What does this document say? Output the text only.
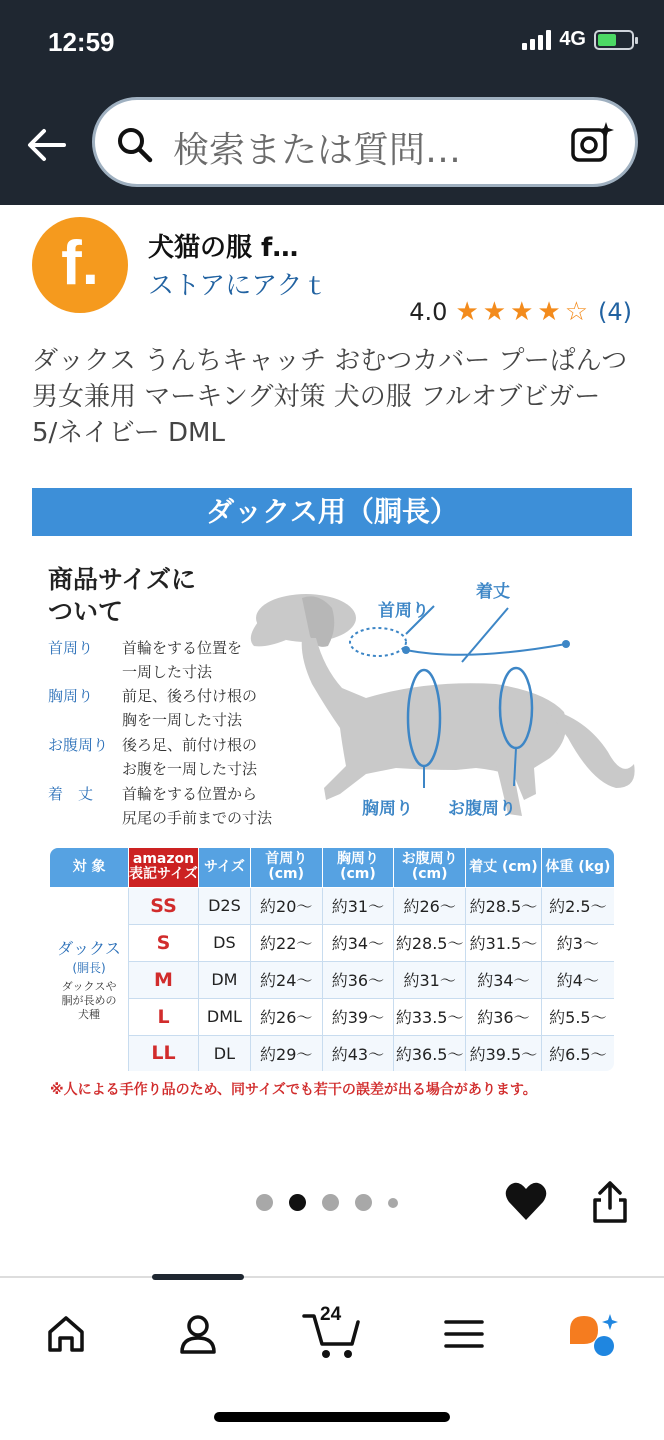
12:59	4G
検索または質問…
f. 犬猫の服 f…
ストアにアクｔ
4.0 ★ ★ ★ ★ ☆ (4)
ダックス うんちキャッチ おむつカバー プーぱんつ 男女兼用 マーキング対策 犬の服 フルオブビガー 5/ネイビー DML
ダックス用（胴長）
商品サイズに
ついて
首周り	首輪をする位置を
一周した寸法
胸周り	前足、後ろ付け根の
胸を一周した寸法
お腹周り 後ろ足、前付け根の
お腹を一周した寸法
着　丈	首輪をする位置から
尻尾の手前までの寸法
首周り
着丈
胸周り お腹周り
対 象	amazon 表記サイズ	サイズ	首周り (cm)	胸周り (cm)	お腹周り (cm)	着丈 (cm)	体重 (kg)

ダックス
(胴長)
ダックスや
胴が長めの
犬種	SS	D2S	約20～	約31～	約26～	約28.5～	約2.5～
	S	DS	約22～	約34～	約28.5～	約31.5～	約3～
	M	DM	約24～	約36～	約31～	約34～	約4～
	L	DML	約26～	約39～	約33.5～	約36～	約5.5～
	LL	DL	約29～	約43～	約36.5～	約39.5～	約6.5～
※人による手作り品のため、同サイズでも若干の誤差が出る場合があります。
24
